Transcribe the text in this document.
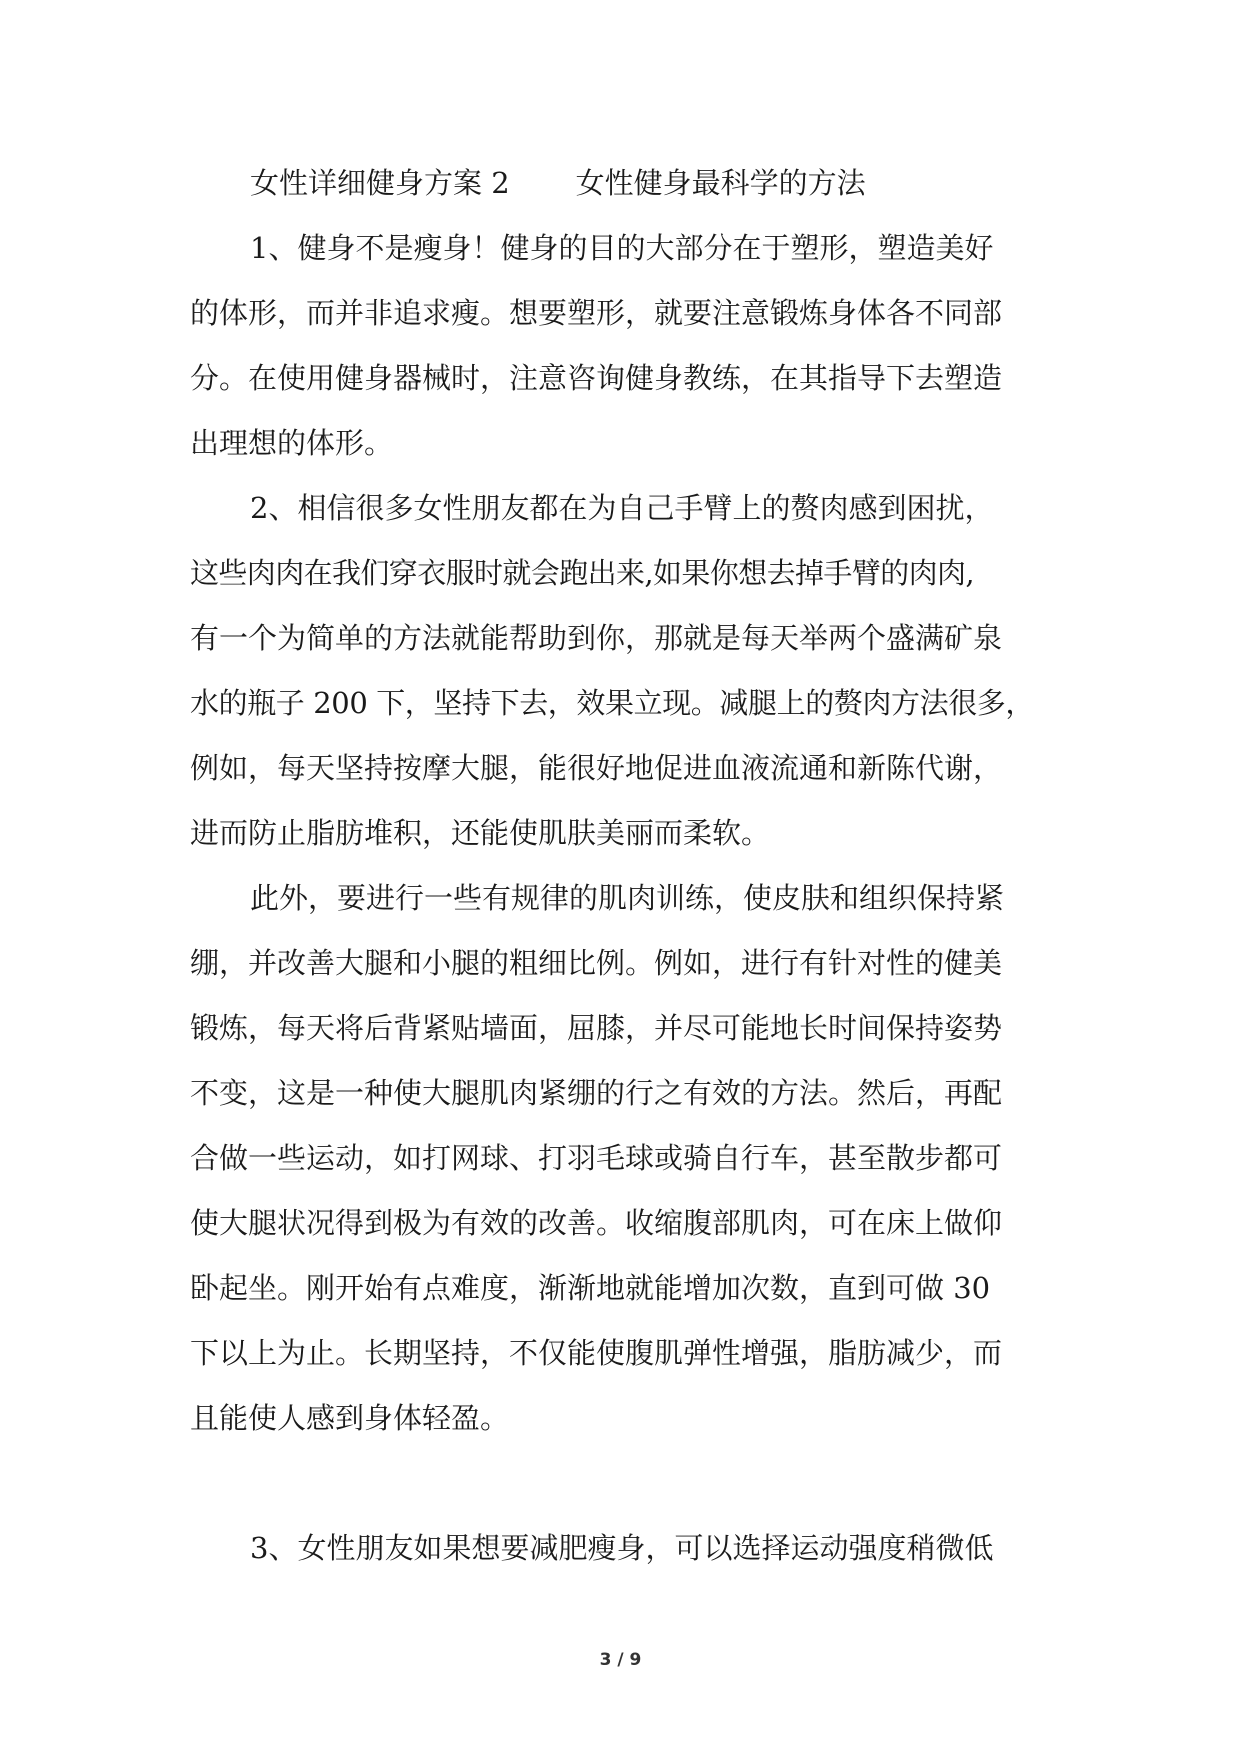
女性详细健身方案 2 女性健身最科学的方法
1、健身不是瘦身！健身的目的大部分在于塑形，塑造美好
的体形，而并非追求瘦。想要塑形，就要注意锻炼身体各不同部
分。在使用健身器械时，注意咨询健身教练，在其指导下去塑造
出理想的体形。
2、相信很多女性朋友都在为自己手臂上的赘肉感到困扰，
这些肉肉在我们穿衣服时就会跑出来,如果你想去掉手臂的肉肉,
有一个为简单的方法就能帮助到你，那就是每天举两个盛满矿泉
水的瓶子 200 下，坚持下去，效果立现。减腿上的赘肉方法很多，
例如，每天坚持按摩大腿，能很好地促进血液流通和新陈代谢，
进而防止脂肪堆积，还能使肌肤美丽而柔软。
此外，要进行一些有规律的肌肉训练，使皮肤和组织保持紧
绷，并改善大腿和小腿的粗细比例。例如，进行有针对性的健美
锻炼，每天将后背紧贴墙面，屈膝，并尽可能地长时间保持姿势
不变，这是一种使大腿肌肉紧绷的行之有效的方法。然后，再配
合做一些运动，如打网球、打羽毛球或骑自行车，甚至散步都可
使大腿状况得到极为有效的改善。收缩腹部肌肉，可在床上做仰
卧起坐。刚开始有点难度，渐渐地就能增加次数，直到可做 30
下以上为止。长期坚持，不仅能使腹肌弹性增强，脂肪减少，而
且能使人感到身体轻盈。
3、女性朋友如果想要减肥瘦身，可以选择运动强度稍微低
3 / 9
